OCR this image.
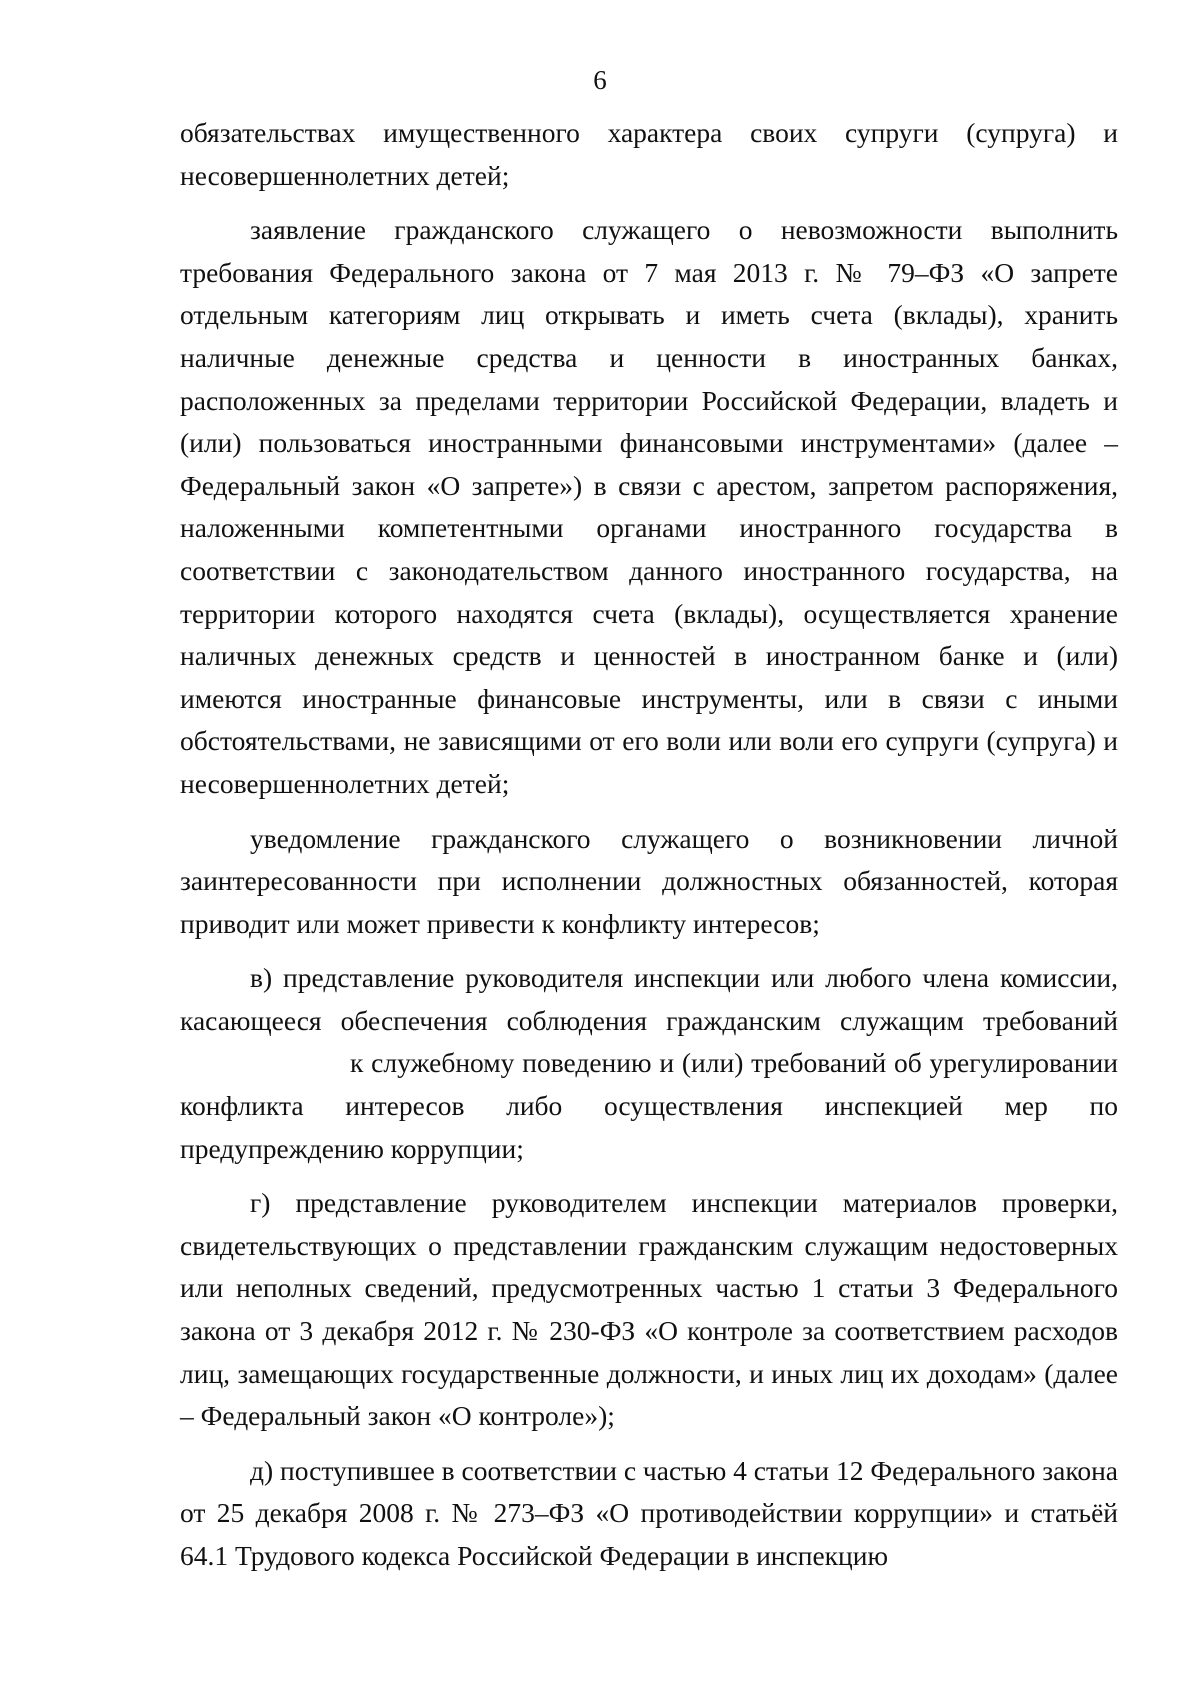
6

обязательствах имущественного характера своих супруги (супруга) и несовершеннолетних детей;

заявление гражданского служащего о невозможности выполнить требования Федерального закона от 7 мая 2013 г. № 79–ФЗ «О запрете отдельным категориям лиц открывать и иметь счета (вклады), хранить наличные денежные средства и ценности в иностранных банках, расположенных за пределами территории Российской Федерации, владеть и (или) пользоваться иностранными финансовыми инструментами» (далее – Федеральный закон «О запрете») в связи с арестом, запретом распоряжения, наложенными компетентными органами иностранного государства в соответствии с законодательством данного иностранного государства, на территории которого находятся счета (вклады), осуществляется хранение наличных денежных средств и ценностей в иностранном банке и (или) имеются иностранные финансовые инструменты, или в связи с иными обстоятельствами, не зависящими от его воли или воли его супруги (супруга) и несовершеннолетних детей;

уведомление гражданского служащего о возникновении личной заинтересованности при исполнении должностных обязанностей, которая приводит или может привести к конфликту интересов;

в) представление руководителя инспекции или любого члена комиссии, касающееся обеспечения соблюдения гражданским служащим требованийк служебному поведению и (или) требований об урегулировании конфликта интересов либо осуществления инспекцией мер по предупреждению коррупции;

г) представление руководителем инспекции материалов проверки, свидетельствующих о представлении гражданским служащим недостоверных или неполных сведений, предусмотренных частью 1 статьи 3 Федерального закона от 3 декабря 2012 г. № 230-ФЗ «О контроле за соответствием расходов лиц, замещающих государственные должности, и иных лиц их доходам» (далее – Федеральный закон «О контроле»);

д) поступившее в соответствии с частью 4 статьи 12 Федерального закона от 25 декабря 2008 г. № 273–ФЗ «О противодействии коррупции» и статьёй 64.1 Трудового кодекса Российской Федерации в инспекцию
